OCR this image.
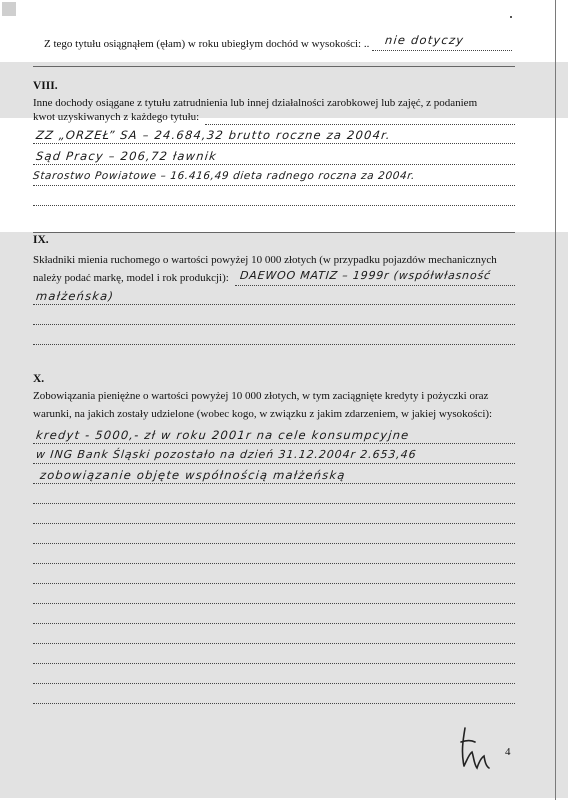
Z tego tytułu osiągnąłem (ęłam) w roku ubiegłym dochód w wysokości: .. nie dotyczy
VIII.
Inne dochody osiągane z tytułu zatrudnienia lub innej działalności zarobkowej lub zajęć, z podaniem
kwot uzyskiwanych z każdego tytułu:
ZZ „ORZEŁ” SA – 24.684,32 brutto roczne za 2004r.
Sąd Pracy – 206,72 ławnik
Starostwo Powiatowe – 16.416,49 dieta radnego roczna za 2004r.
IX.
Składniki mienia ruchomego o wartości powyżej 10 000 złotych (w przypadku pojazdów mechanicznych
należy podać markę, model i rok produkcji): DAEWOO MATIZ – 1999r (współwłasność
małżeńska)
X.
Zobowiązania pieniężne o wartości powyżej 10 000 złotych, w tym zaciągnięte kredyty i pożyczki oraz
warunki, na jakich zostały udzielone (wobec kogo, w związku z jakim zdarzeniem, w jakiej wysokości):
kredyt - 5000,- zł w roku 2001r na cele konsumpcyjne
w ING Bank Śląski pozostało na dzień 31.12.2004r 2.653,46
zobowiązanie objęte współnością małżeńską
4
